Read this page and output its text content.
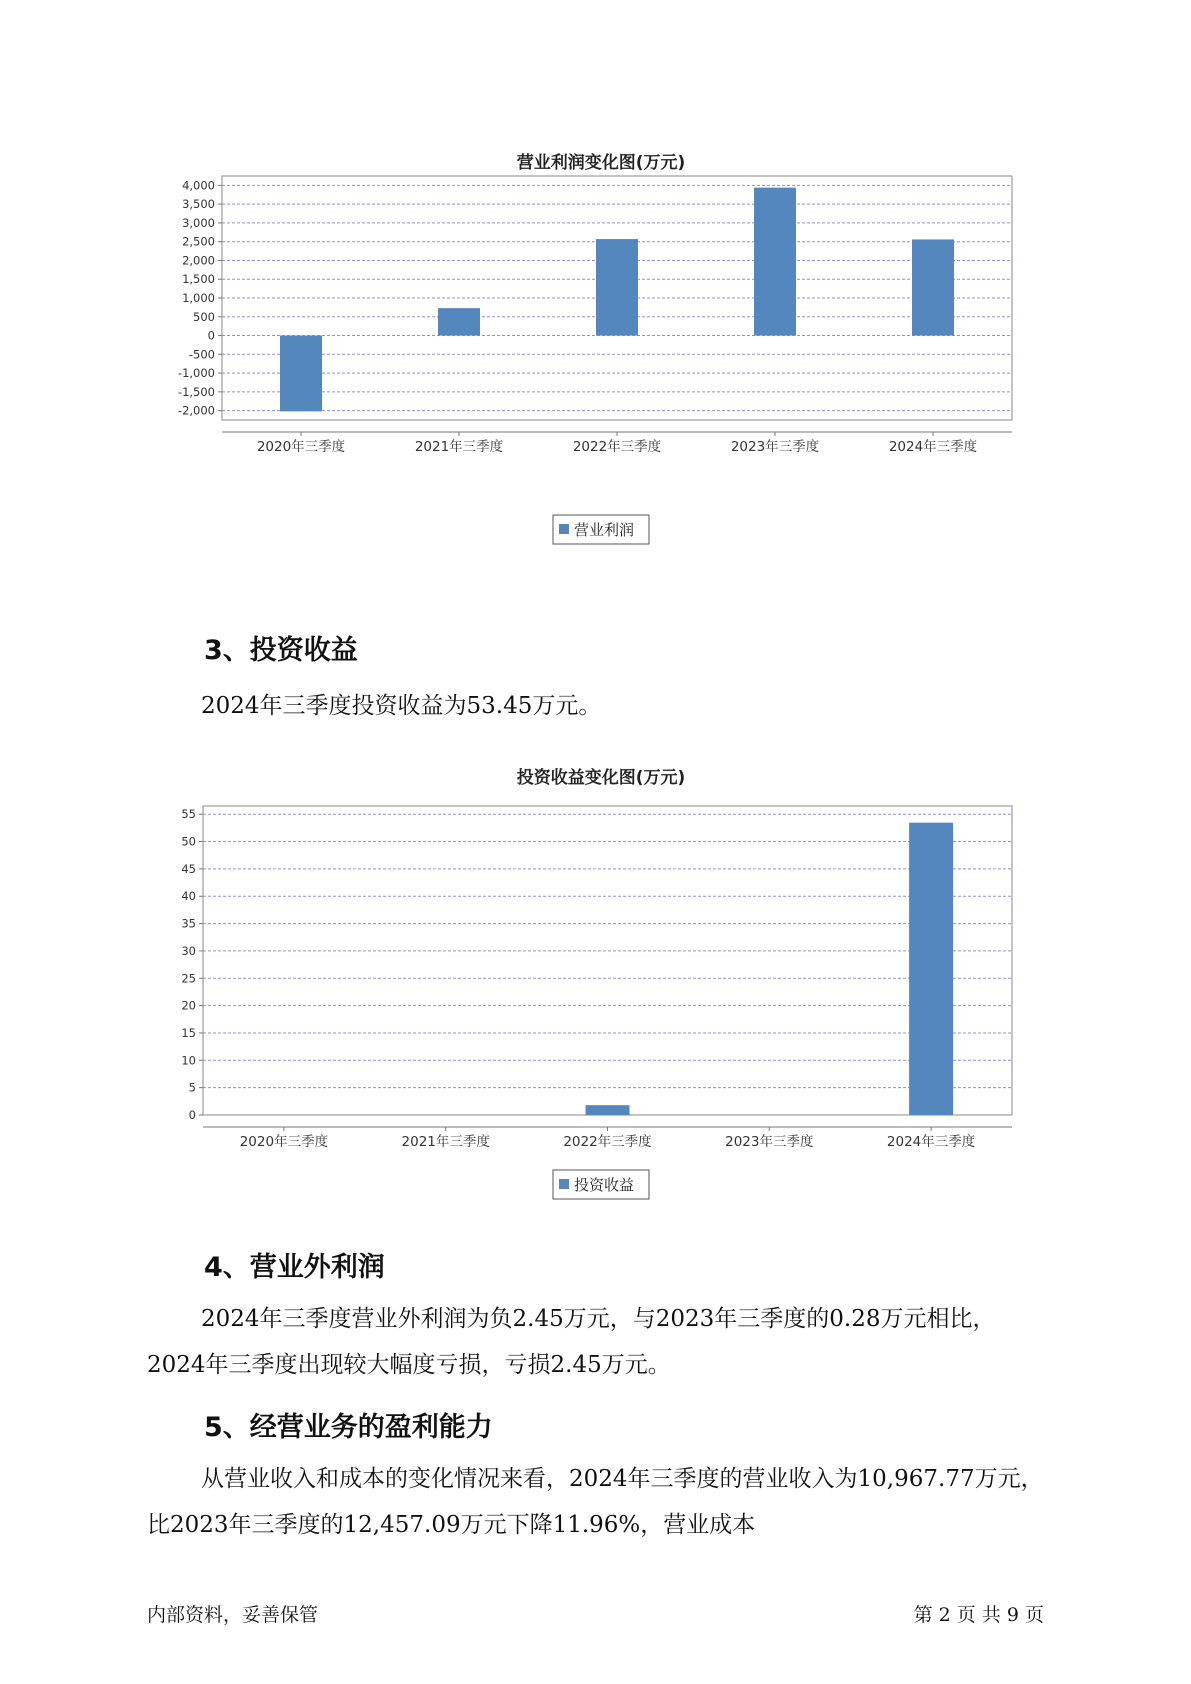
营业利润变化图(万元)
4,000
3,500
3,000
2,500
2,000
1,500
1,000
500
0
-500
-1,000
-1,500
-2,000
2020年三季度	2021年三季度	2022年三季度	2023年三季度	2024年三季度
营业利润
3、投资收益

2024年三季度投资收益为53.45万元。

投资收益变化图(万元)
55
50
45
40
35
30
25
20
15
10
5
0
2020年三季度	2021年三季度	2022年三季度	2023年三季度	2024年三季度
投资收益
4、营业外利润

2024年三季度营业外利润为负2.45万元，与2023年三季度的0.28万元相比，2024年三季度出现较大幅度亏损，亏损2.45万元。

5、经营业务的盈利能力

从营业收入和成本的变化情况来看，2024年三季度的营业收入为10,967.77万元，比2023年三季度的12,457.09万元下降11.96%，营业成本

内部资料，妥善保管	第 2 页 共 9 页
